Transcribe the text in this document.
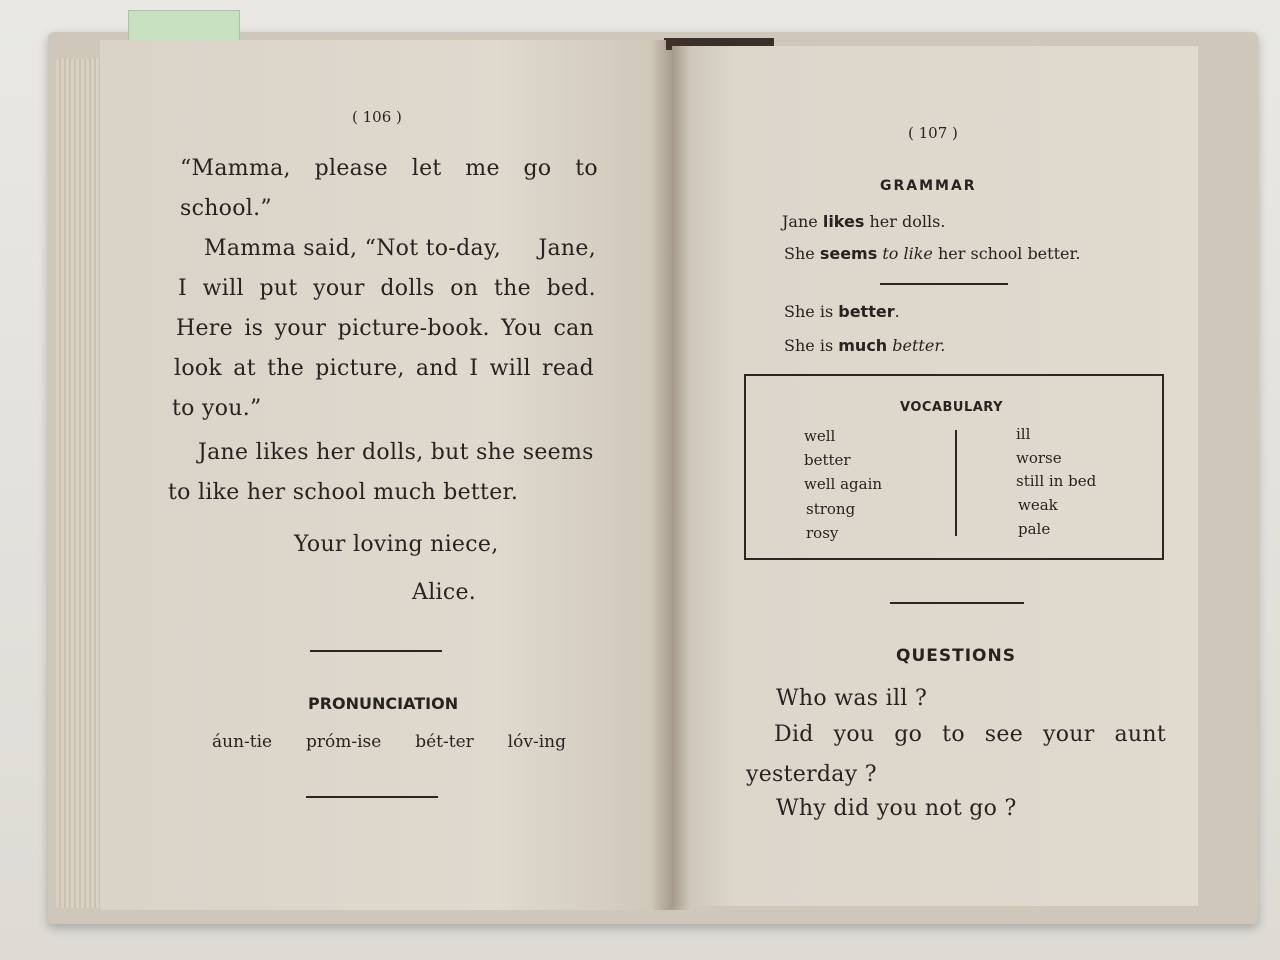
( 106 )
“Mamma, please let me go to
school.”
Mamma said, “Not to-day, Jane,
I will put your dolls on the bed.
Here is your picture-book. You can
look at the picture, and I will read
to you.”
Jane likes her dolls, but she seems
to like her school much better.
Your loving niece,
Alice.
PRONUNCIATION
áun-tie próm-ise bét-ter lóv-ing
( 107 )
GRAMMAR
Jane likes her dolls.
She seems to like her school better.
She is better.
She is much better.
VOCABULARY
well
better
well again
strong
rosy
ill
worse
still in bed
weak
pale
QUESTIONS
Who was ill ?
Did you go to see your aunt
yesterday ?
Why did you not go ?
